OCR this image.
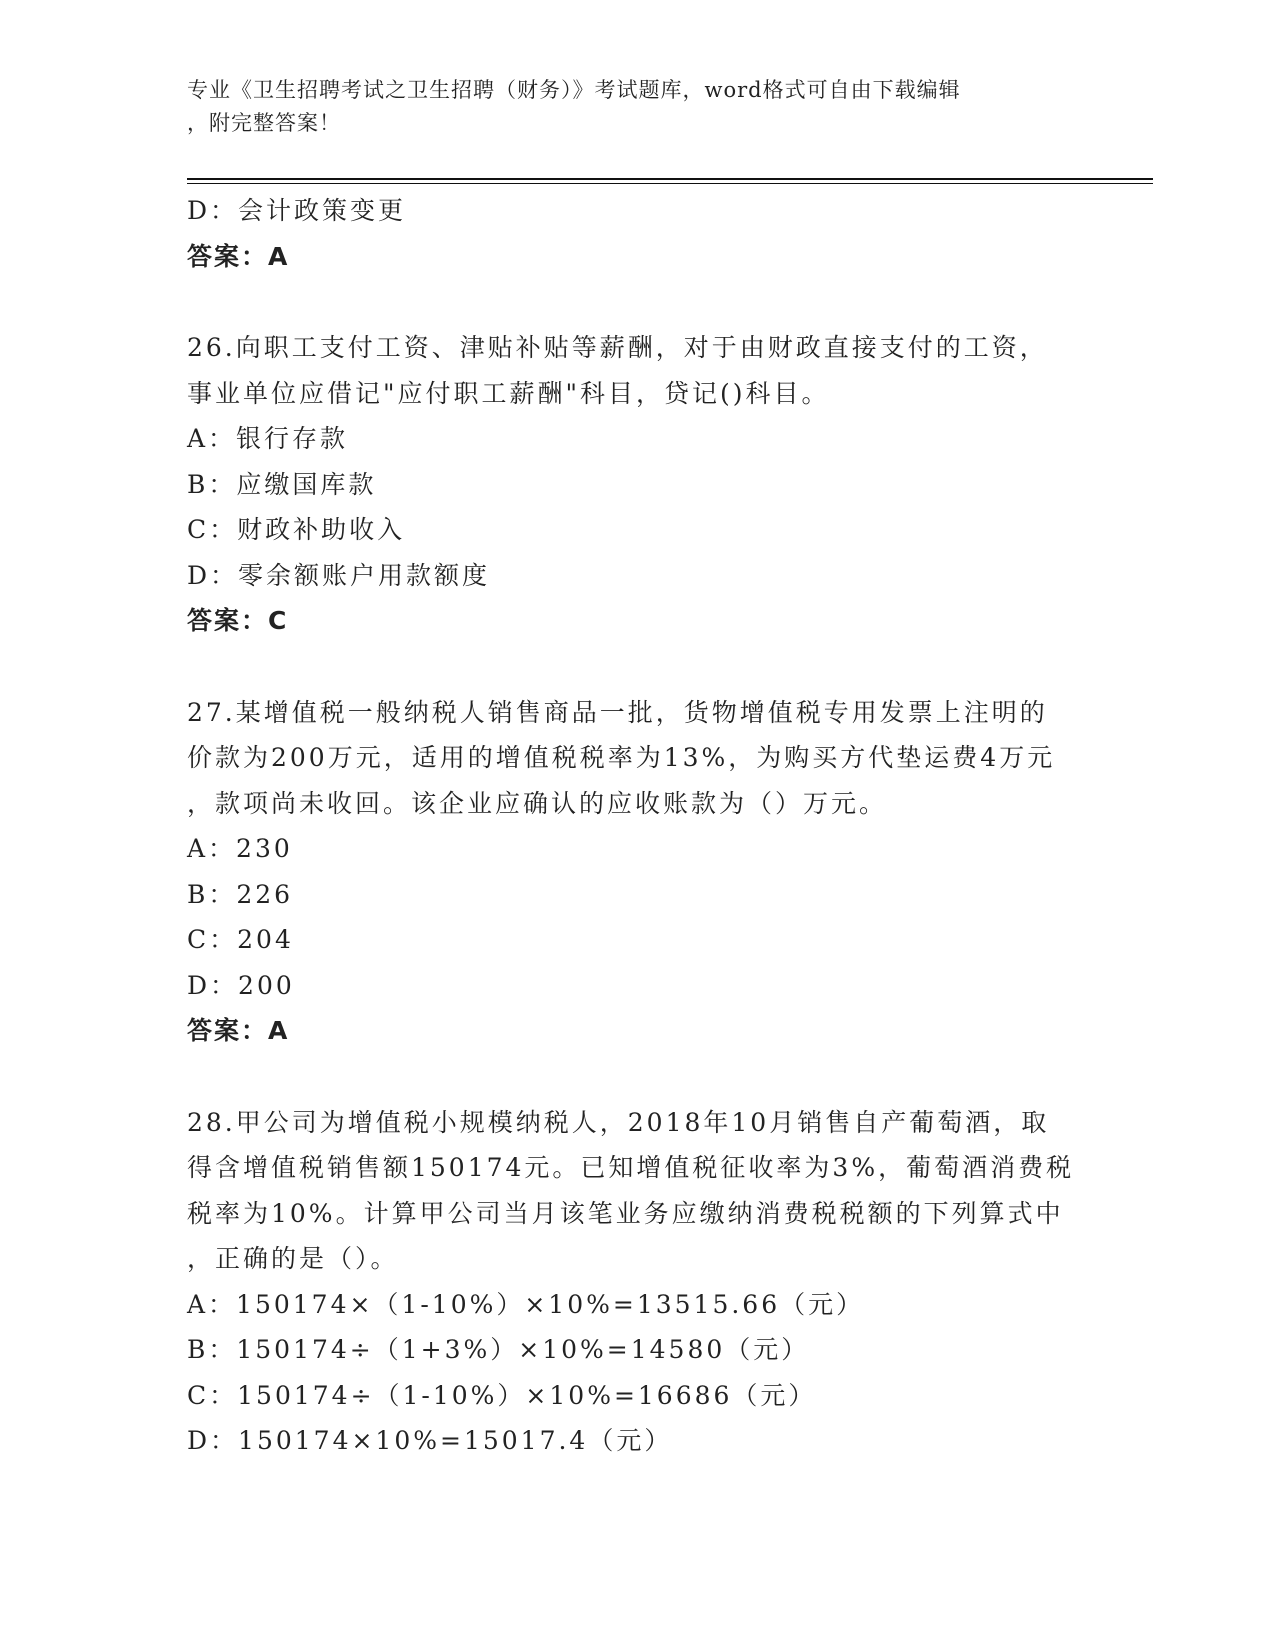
专业《卫生招聘考试之卫生招聘（财务）》考试题库，word格式可自由下载编辑
，附完整答案！
D：会计政策变更
答案：A
26.向职工支付工资、津贴补贴等薪酬，对于由财政直接支付的工资，
事业单位应借记"应付职工薪酬"科目，贷记()科目。
A：银行存款
B：应缴国库款
C：财政补助收入
D：零余额账户用款额度
答案：C
27.某增值税一般纳税人销售商品一批，货物增值税专用发票上注明的
价款为200万元，适用的增值税税率为13%，为购买方代垫运费4万元
，款项尚未收回。该企业应确认的应收账款为（）万元。
A：230
B：226
C：204
D：200
答案：A
28.甲公司为增值税小规模纳税人，2018年10月销售自产葡萄酒，取
得含增值税销售额150174元。已知增值税征收率为3%，葡萄酒消费税
税率为10%。计算甲公司当月该笔业务应缴纳消费税税额的下列算式中
，正确的是（）。
A：150174×（1-10%）×10%=13515.66（元）
B：150174÷（1+3%）×10%=14580（元）
C：150174÷（1-10%）×10%=16686（元）
D：150174×10%=15017.4（元）
